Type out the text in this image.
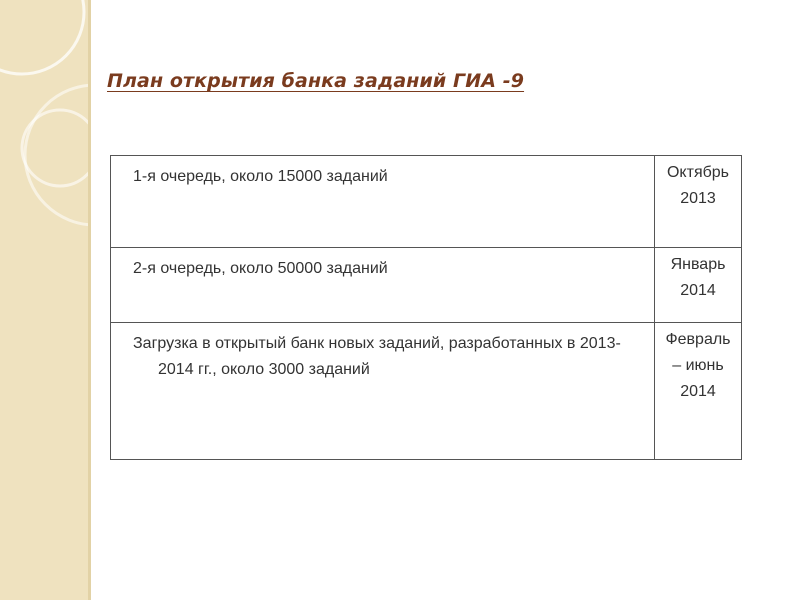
План открытия банка заданий ГИА -9
1-я очередь, около 15000 заданий	Октябрь 2013
2-я очередь, около 50000 заданий	Январь 2014
Загрузка в открытый банк новых заданий, разработанных в 2013-2014 гг., около 3000 заданий	Февраль – июнь 2014
